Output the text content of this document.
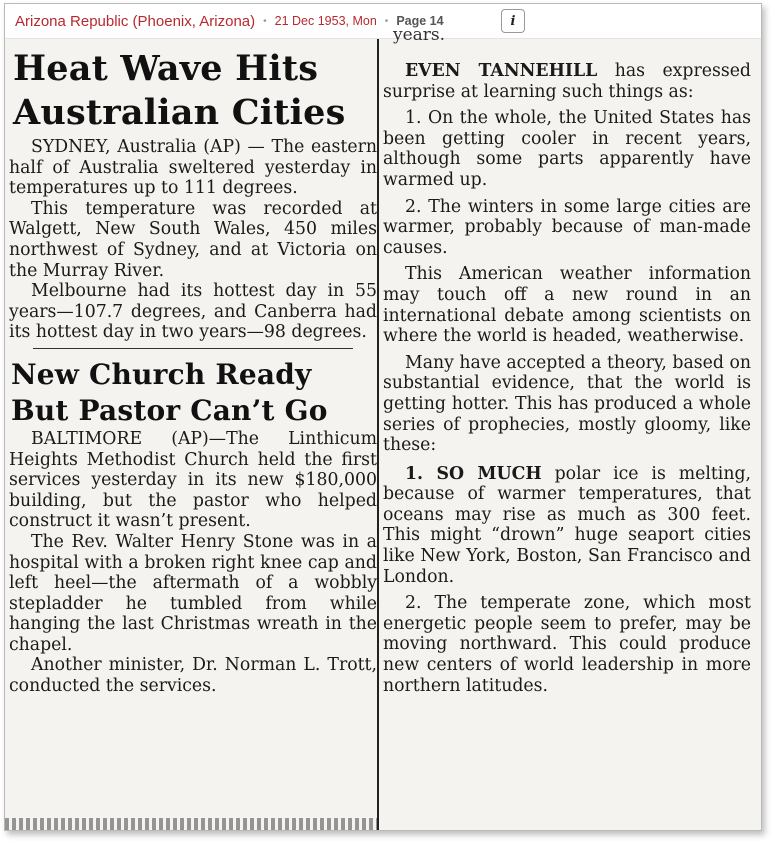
Arizona Republic (Phoenix, Arizona) • 21 Dec 1953, Mon • Page 14	i
Heat Wave Hits
Australian Cities

SYDNEY, Australia (AP) — The eastern half of Australia sweltered yesterday in temperatures up to 111 degrees.

This temperature was recorded at Walgett, New South Wales, 450 miles northwest of Sydney, and at Victoria on the Murray River.

Melbourne had its hottest day in 55 years—107.7 degrees, and Canberra had its hottest day in two years—98 degrees.

New Church Ready
But Pastor Can’t Go

BALTIMORE (AP)—The Linthicum Heights Methodist Church held the first services yesterday in its new $180,000 building, but the pastor who helped construct it wasn’t present.

The Rev. Walter Henry Stone was in a hospital with a broken right knee cap and left heel—the aftermath of a wobbly stepladder he tumbled from while hanging the last Christmas wreath in the chapel.

Another minister, Dr. Norman L. Trott, conducted the services.

years.

EVEN TANNEHILL has expressed surprise at learning such things as:

1. On the whole, the United States has been getting cooler in recent years, although some parts apparently have warmed up.

2. The winters in some large cities are warmer, probably because of man-made causes.

This American weather information may touch off a new round in an international debate among scientists on where the world is headed, weatherwise.

Many have accepted a theory, based on substantial evidence, that the world is getting hotter. This has produced a whole series of prophecies, mostly gloomy, like these:

1. SO MUCH polar ice is melting, because of warmer temperatures, that oceans may rise as much as 300 feet. This might “drown” huge seaport cities like New York, Boston, San Francisco and London.

2. The temperate zone, which most energetic people seem to prefer, may be moving northward. This could produce new centers of world leadership in more northern latitudes.
